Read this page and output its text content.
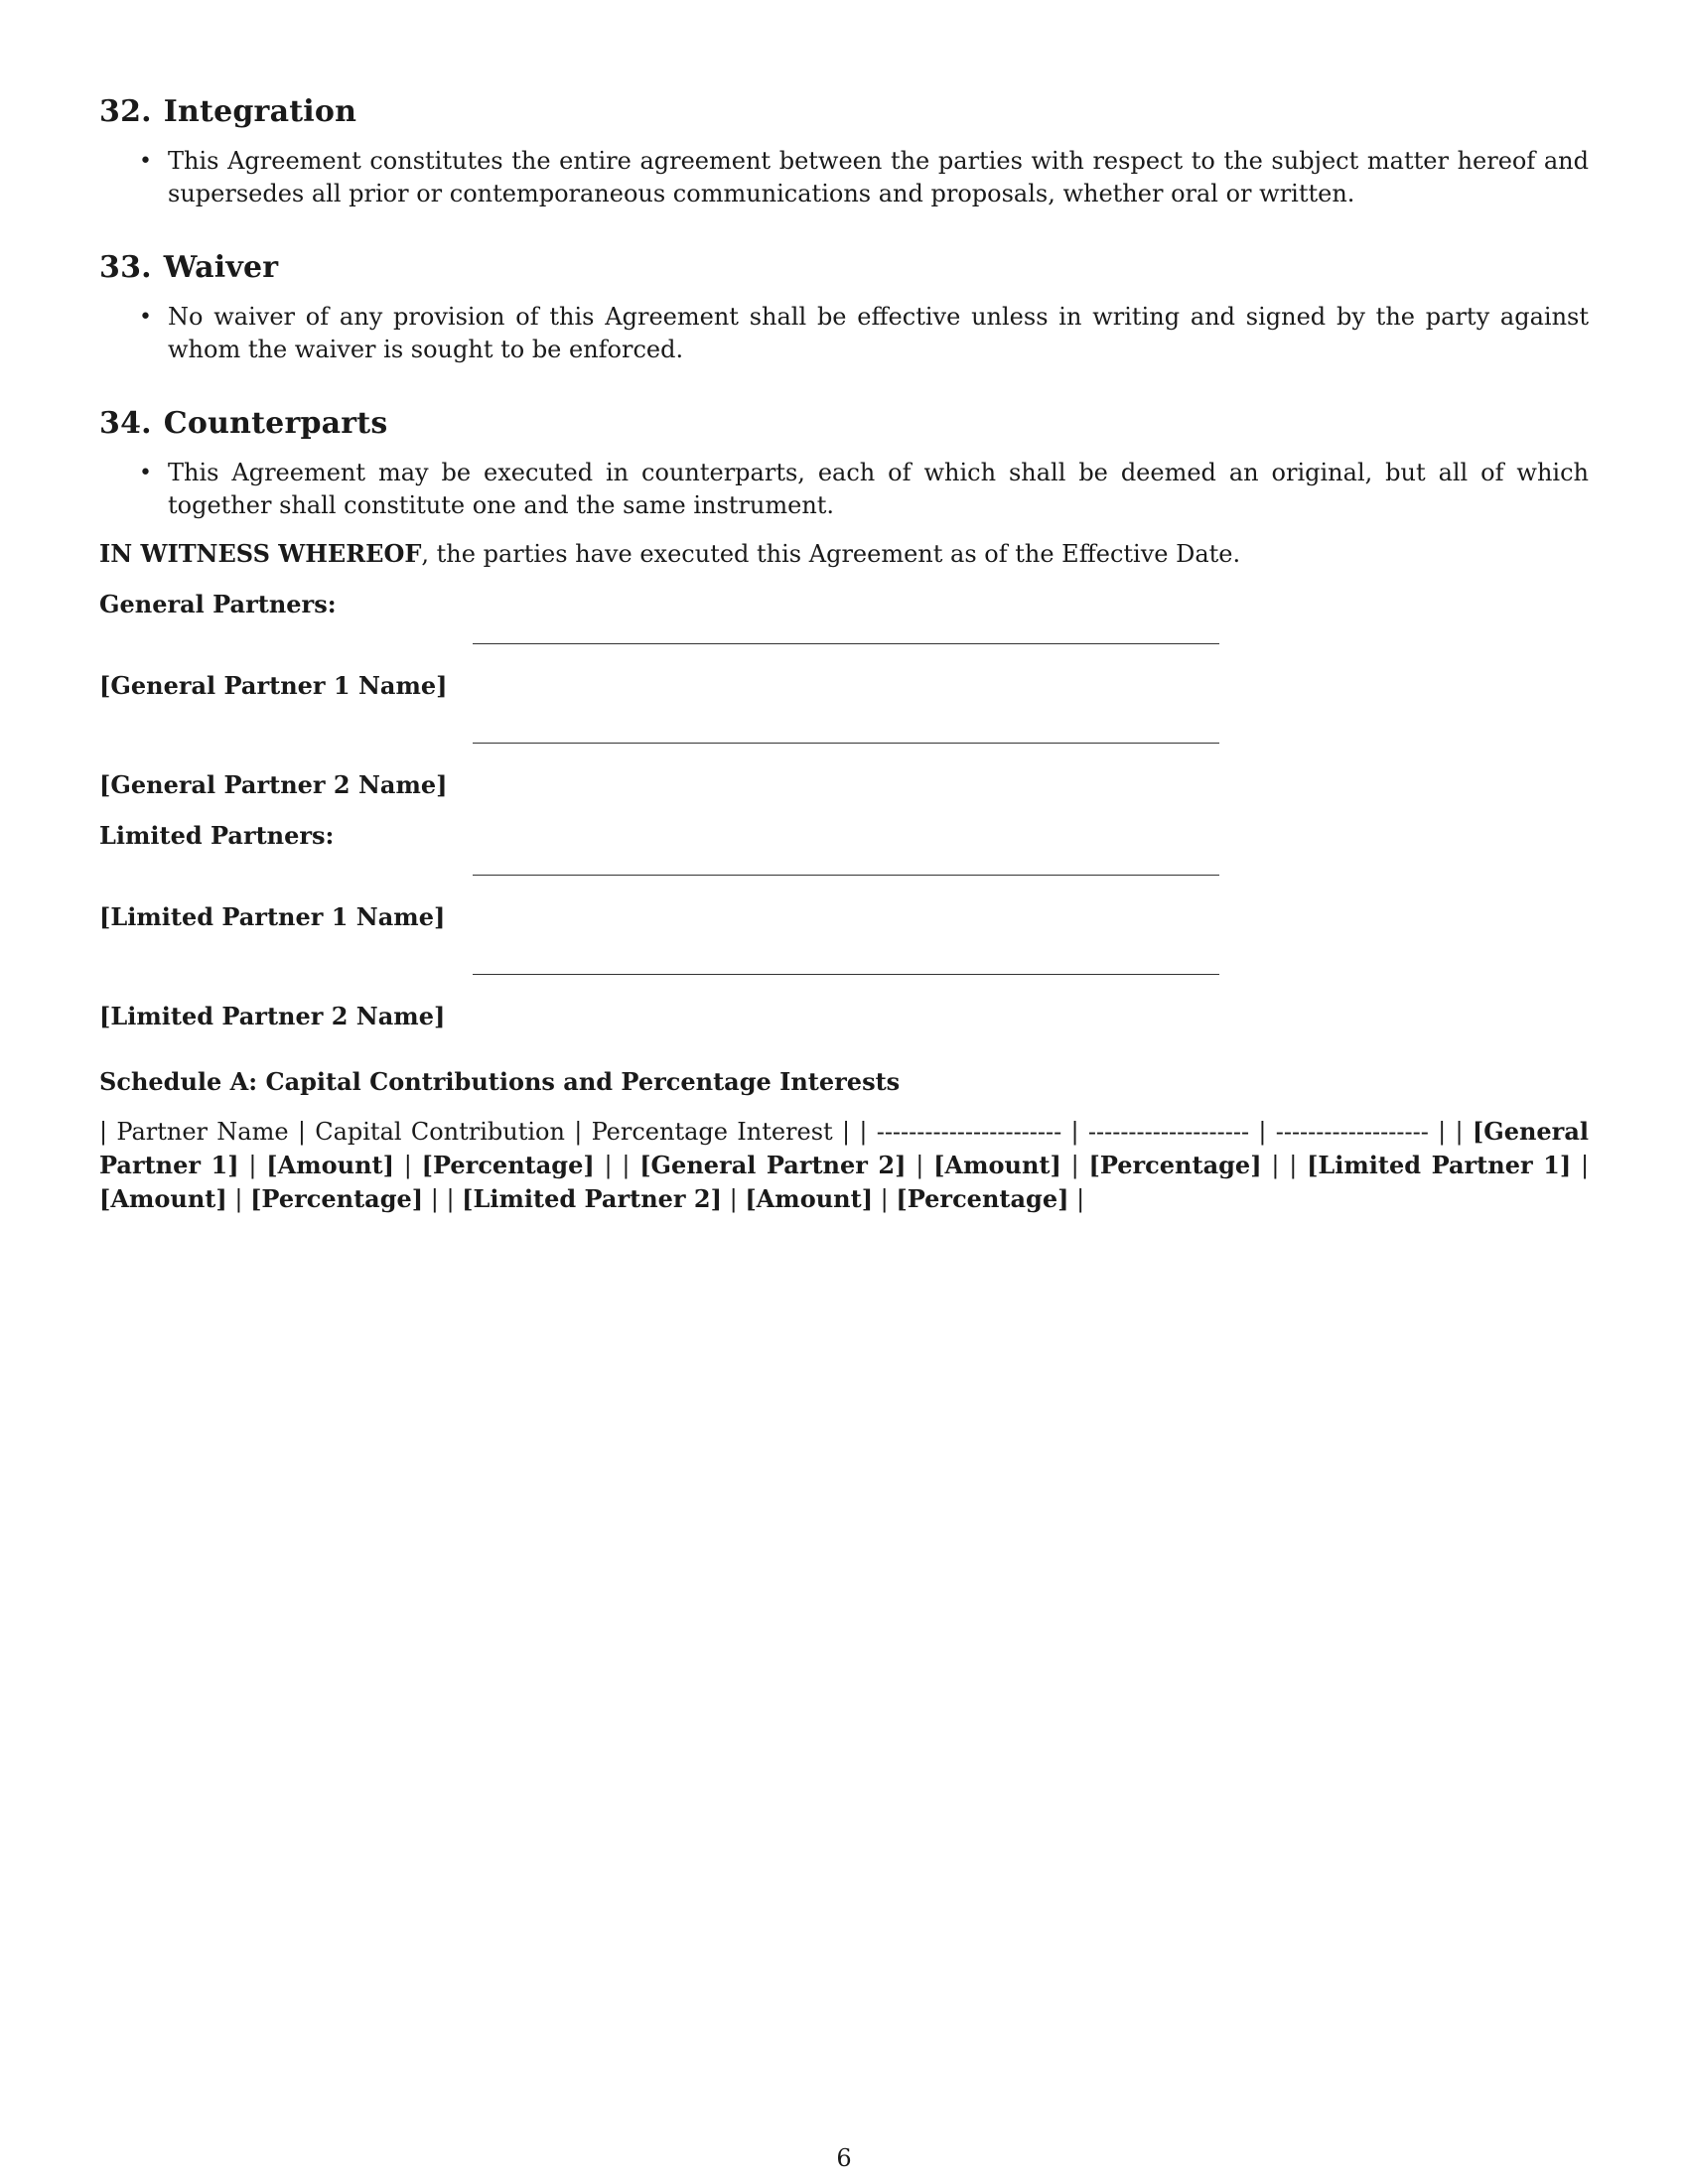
32. Integration
• This Agreement constitutes the entire agreement between the parties with respect to the subject matter hereof and supersedes all prior or contemporaneous communications and proposals, whether oral or written.
33. Waiver
• No waiver of any provision of this Agreement shall be effective unless in writing and signed by the party against whom the waiver is sought to be enforced.
34. Counterparts
• This Agreement may be executed in counterparts, each of which shall be deemed an original, but all of which together shall constitute one and the same instrument.

IN WITNESS WHEREOF, the parties have executed this Agreement as of the Effective Date.

General Partners:

[General Partner 1 Name]
[General Partner 2 Name]

Limited Partners:

[Limited Partner 1 Name]
[Limited Partner 2 Name]

Schedule A: Capital Contributions and Percentage Interests

| Partner Name | Capital Contribution | Percentage Interest | | ----------------------- | -------------------- | ------------------- | | [General Partner 1] | [Amount] | [Percentage] | | [General Partner 2] | [Amount] | [Percentage] | | [Limited Partner 1] | [Amount] | [Percentage] | | [Limited Partner 2] | [Amount] | [Percentage] |
6
